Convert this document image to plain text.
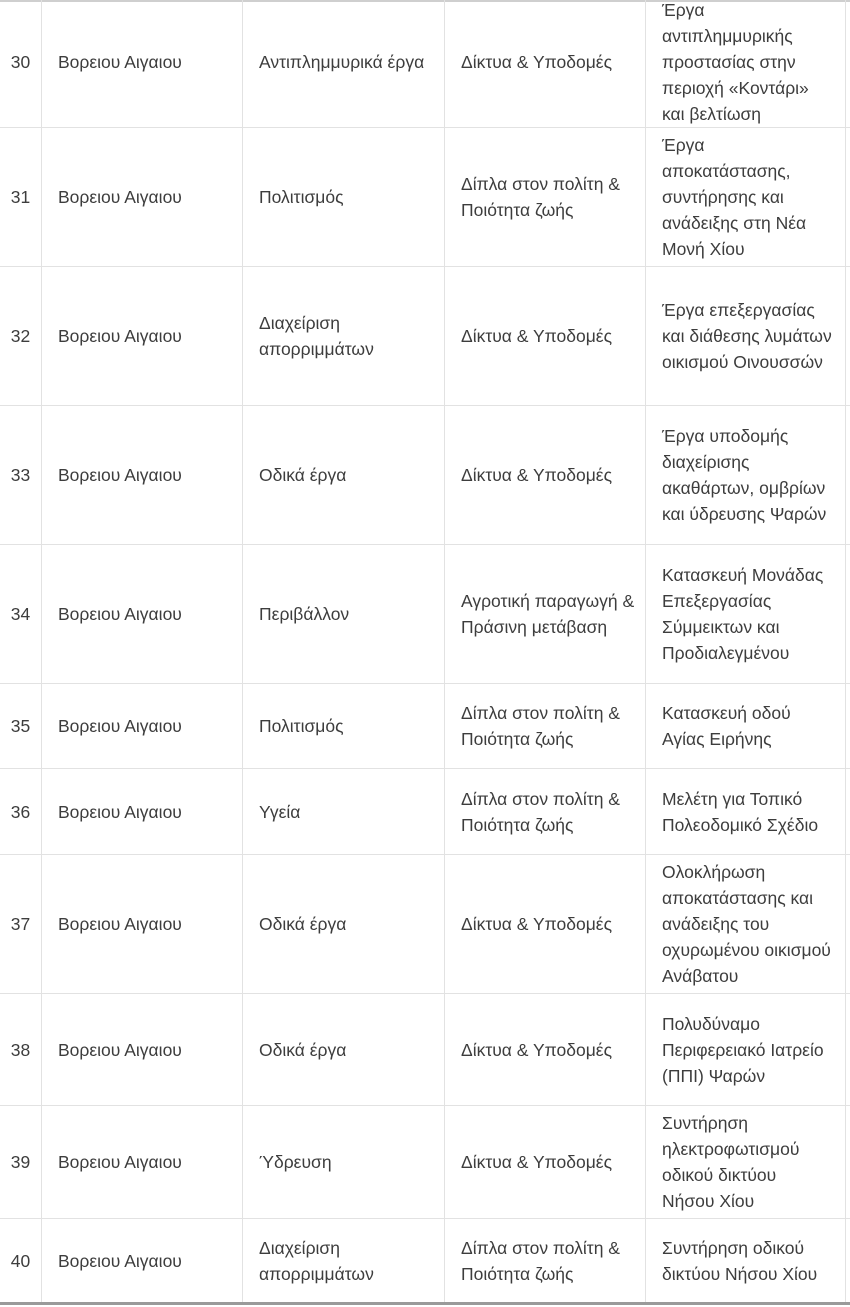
30	Βορειου Αιγαιου	Αντιπλημμυρικά έργα	Δίκτυα & Υποδομές	Έργα αντιπλημμυρικής προστασίας στην περιοχή «Κοντάρι» και βελτίωση	
31	Βορειου Αιγαιου	Πολιτισμός	Δίπλα στον πολίτη & Ποιότητα ζωής	Έργα αποκατάστασης, συντήρησης και ανάδειξης στη Νέα Μονή Χίου	
32	Βορειου Αιγαιου	Διαχείριση απορριμμάτων	Δίκτυα & Υποδομές	Έργα επεξεργασίας και διάθεσης λυμάτων οικισμού Οινουσσών	
33	Βορειου Αιγαιου	Οδικά έργα	Δίκτυα & Υποδομές	Έργα υποδομής διαχείρισης ακαθάρτων, ομβρίων και ύδρευσης Ψαρών	
34	Βορειου Αιγαιου	Περιβάλλον	Αγροτική παραγωγή & Πράσινη μετάβαση	Κατασκευή Μονάδας Επεξεργασίας Σύμμεικτων και Προδιαλεγμένου	
35	Βορειου Αιγαιου	Πολιτισμός	Δίπλα στον πολίτη & Ποιότητα ζωής	Κατασκευή οδού Αγίας Ειρήνης	
36	Βορειου Αιγαιου	Υγεία	Δίπλα στον πολίτη & Ποιότητα ζωής	Μελέτη για Τοπικό Πολεοδομικό Σχέδιο	
37	Βορειου Αιγαιου	Οδικά έργα	Δίκτυα & Υποδομές	Ολοκλήρωση αποκατάστασης και ανάδειξης του οχυρωμένου οικισμού Ανάβατου	
38	Βορειου Αιγαιου	Οδικά έργα	Δίκτυα & Υποδομές	Πολυδύναμο Περιφερειακό Ιατρείο (ΠΠΙ) Ψαρών	
39	Βορειου Αιγαιου	Ύδρευση	Δίκτυα & Υποδομές	Συντήρηση ηλεκτροφωτισμού οδικού δικτύου Νήσου Χίου	
40	Βορειου Αιγαιου	Διαχείριση απορριμμάτων	Δίπλα στον πολίτη & Ποιότητα ζωής	Συντήρηση οδικού δικτύου Νήσου Χίου	
